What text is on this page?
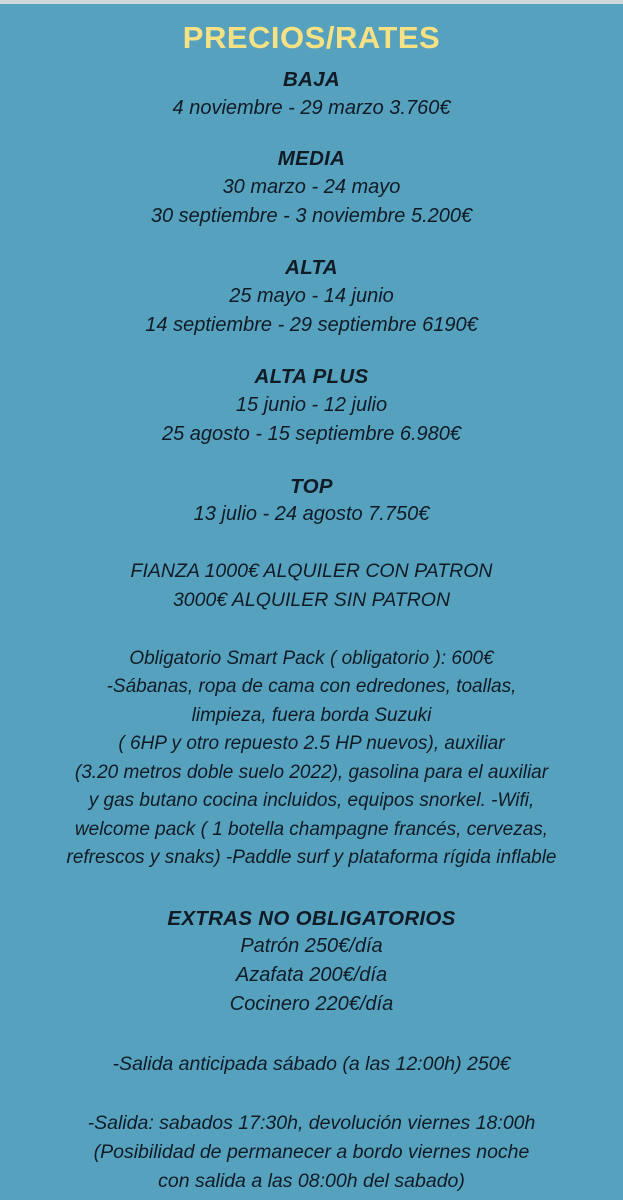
PRECIOS/RATES
BAJA
4 noviembre - 29 marzo 3.760€
MEDIA
30 marzo - 24 mayo
30 septiembre - 3 noviembre 5.200€
ALTA
25 mayo - 14 junio
14 septiembre - 29 septiembre 6190€
ALTA PLUS
15 junio - 12 julio
25 agosto - 15 septiembre 6.980€
TOP
13 julio - 24 agosto 7.750€
FIANZA 1000€ ALQUILER CON PATRON
3000€ ALQUILER SIN PATRON
Obligatorio Smart Pack ( obligatorio ): 600€
-Sábanas, ropa de cama con edredones, toallas,
limpieza, fuera borda Suzuki
( 6HP y otro repuesto 2.5 HP nuevos), auxiliar
(3.20 metros doble suelo 2022), gasolina para el auxiliar
y gas butano cocina incluidos, equipos snorkel. -Wifi,
welcome pack ( 1 botella champagne francés, cervezas,
refrescos y snaks) -Paddle surf y plataforma rígida inflable
EXTRAS NO OBLIGATORIOS
Patrón 250€/día
Azafata 200€/día
Cocinero 220€/día
-Salida anticipada sábado (a las 12:00h) 250€
-Salida: sabados 17:30h, devolución viernes 18:00h
(Posibilidad de permanecer a bordo viernes noche
con salida a las 08:00h del sabado)
